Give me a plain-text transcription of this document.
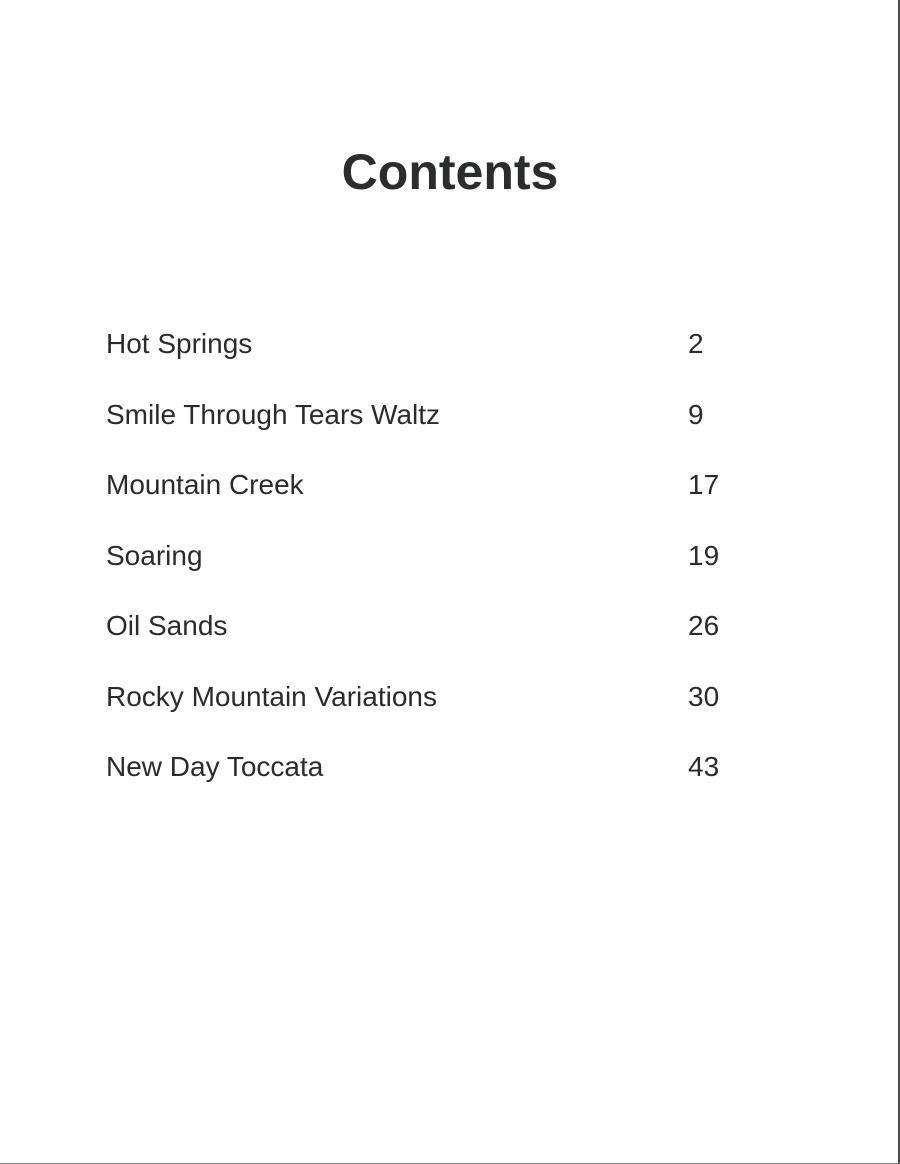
Contents
Hot Springs	2
Smile Through Tears Waltz	9
Mountain Creek	17
Soaring	19
Oil Sands	26
Rocky Mountain Variations	30
New Day Toccata	43
